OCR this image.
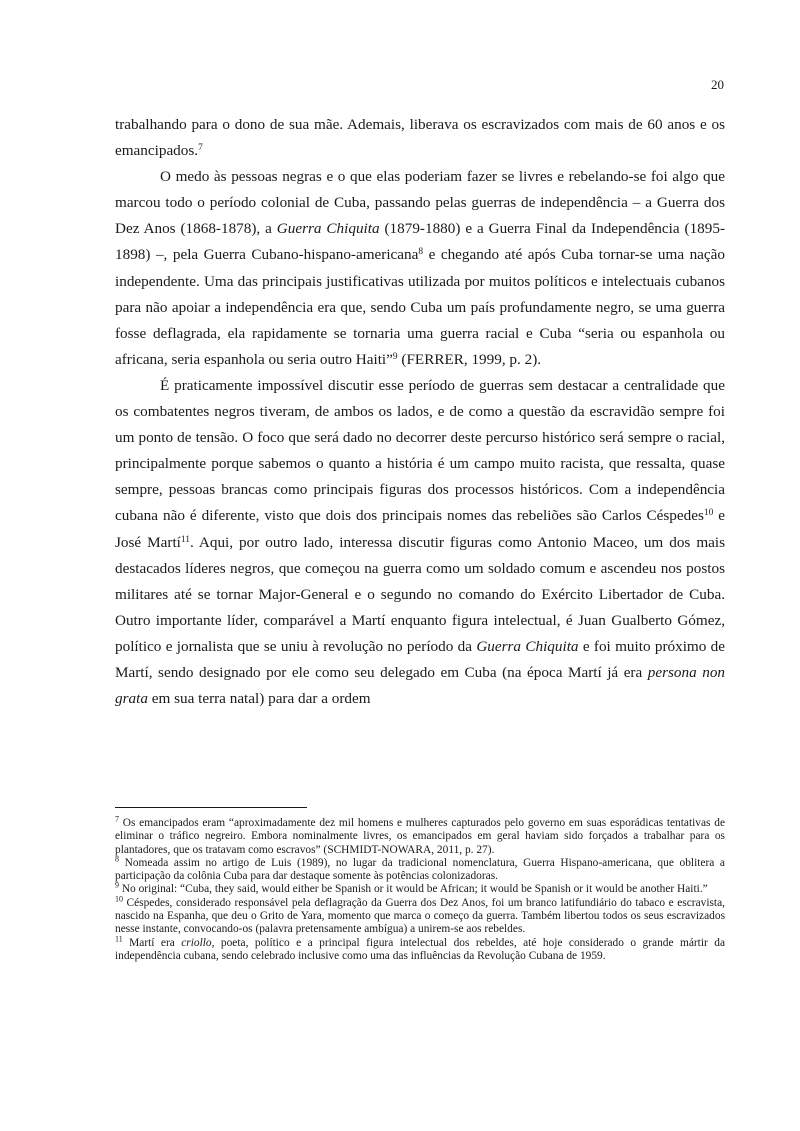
20

trabalhando para o dono de sua mãe. Ademais, liberava os escravizados com mais de 60 anos e os emancipados.$^7$

O medo às pessoas negras e o que elas poderiam fazer se livres e rebelando-se foi algo que marcou todo o período colonial de Cuba, passando pelas guerras de independência – a Guerra dos Dez Anos (1868-1878), a Guerra Chiquita (1879-1880) e a Guerra Final da Independência (1895-1898) –, pela Guerra Cubano-hispano-americana$^8$ e chegando até após Cuba tornar-se uma nação independente. Uma das principais justificativas utilizada por muitos políticos e intelectuais cubanos para não apoiar a independência era que, sendo Cuba um país profundamente negro, se uma guerra fosse deflagrada, ela rapidamente se tornaria uma guerra racial e Cuba “seria ou espanhola ou africana, seria espanhola ou seria outro Haiti”$^9$ (FERRER, 1999, p. 2).

É praticamente impossível discutir esse período de guerras sem destacar a centralidade que os combatentes negros tiveram, de ambos os lados, e de como a questão da escravidão sempre foi um ponto de tensão. O foco que será dado no decorrer deste percurso histórico será sempre o racial, principalmente porque sabemos o quanto a história é um campo muito racista, que ressalta, quase sempre, pessoas brancas como principais figuras dos processos históricos. Com a independência cubana não é diferente, visto que dois dos principais nomes das rebeliões são Carlos Céspedes$^{10}$ e José Martí$^{11}$. Aqui, por outro lado, interessa discutir figuras como Antonio Maceo, um dos mais destacados líderes negros, que começou na guerra como um soldado comum e ascendeu nos postos militares até se tornar Major-General e o segundo no comando do Exército Libertador de Cuba. Outro importante líder, comparável a Martí enquanto figura intelectual, é Juan Gualberto Gómez, político e jornalista que se uniu à revolução no período da Guerra Chiquita e foi muito próximo de Martí, sendo designado por ele como seu delegado em Cuba (na época Martí já era persona non grata em sua terra natal) para dar a ordem

$^7$ Os emancipados eram “aproximadamente dez mil homens e mulheres capturados pelo governo em suas esporádicas tentativas de eliminar o tráfico negreiro. Embora nominalmente livres, os emancipados em geral haviam sido forçados a trabalhar para os plantadores, que os tratavam como escravos” (SCHMIDT-NOWARA, 2011, p. 27).

$^8$ Nomeada assim no artigo de Luis (1989), no lugar da tradicional nomenclatura, Guerra Hispano-americana, que oblitera a participação da colônia Cuba para dar destaque somente às potências colonizadoras.

$^9$ No original: “Cuba, they said, would either be Spanish or it would be African; it would be Spanish or it would be another Haiti.”

$^{10}$ Céspedes, considerado responsável pela deflagração da Guerra dos Dez Anos, foi um branco latifundiário do tabaco e escravista, nascido na Espanha, que deu o Grito de Yara, momento que marca o começo da guerra. Também libertou todos os seus escravizados nesse instante, convocando-os (palavra pretensamente ambígua) a unirem-se aos rebeldes.

$^{11}$ Martí era criollo, poeta, político e a principal figura intelectual dos rebeldes, até hoje considerado o grande mártir da independência cubana, sendo celebrado inclusive como uma das influências da Revolução Cubana de 1959.
